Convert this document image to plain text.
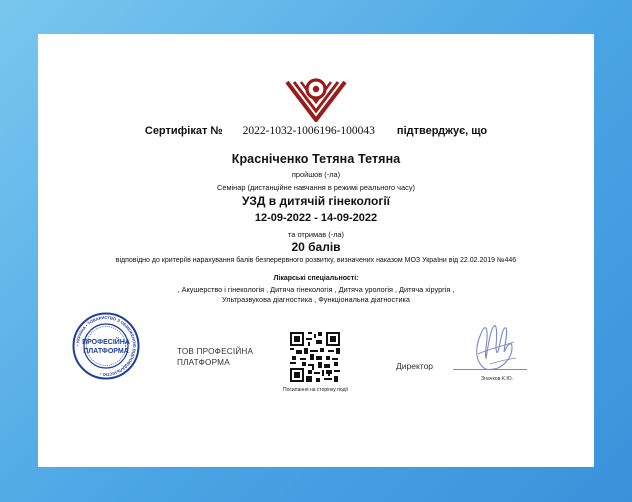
Сертифікат № 2022-1032-1006196-100043 підтверджує, що
Красніченко Тетяна Тетяна
пройшов (-ла)
Семінар (дистанційне навчання в режимі реального часу)
УЗД в дитячій гінекології
12-09-2022 - 14-09-2022
та отримав (-ла)
20 балів
відповідно до критеріїв нарахування балів безперервного розвитку, визначених наказом МОЗ України від 22.02.2019 №446
Лікарські спеціальності:
, Акушерство і гінекологія , Дитяча гінекологія , Дитяча урологія , Дитяча хірургія ,
Ультразвукова діагностика , Функціональна діагностика
• УКРАЇНА • ТОВАРИСТВО З ОБМЕЖЕНОЮ ВІДПОВІДАЛЬНІСТЮ •
ПРОФЕСІЙНА
ПЛАТФОРМА	ТОВ ПРОФЕСІЙНА
ПЛАТФОРМА
Посилання на сторінку події
Директор
Значков К.Ю.
